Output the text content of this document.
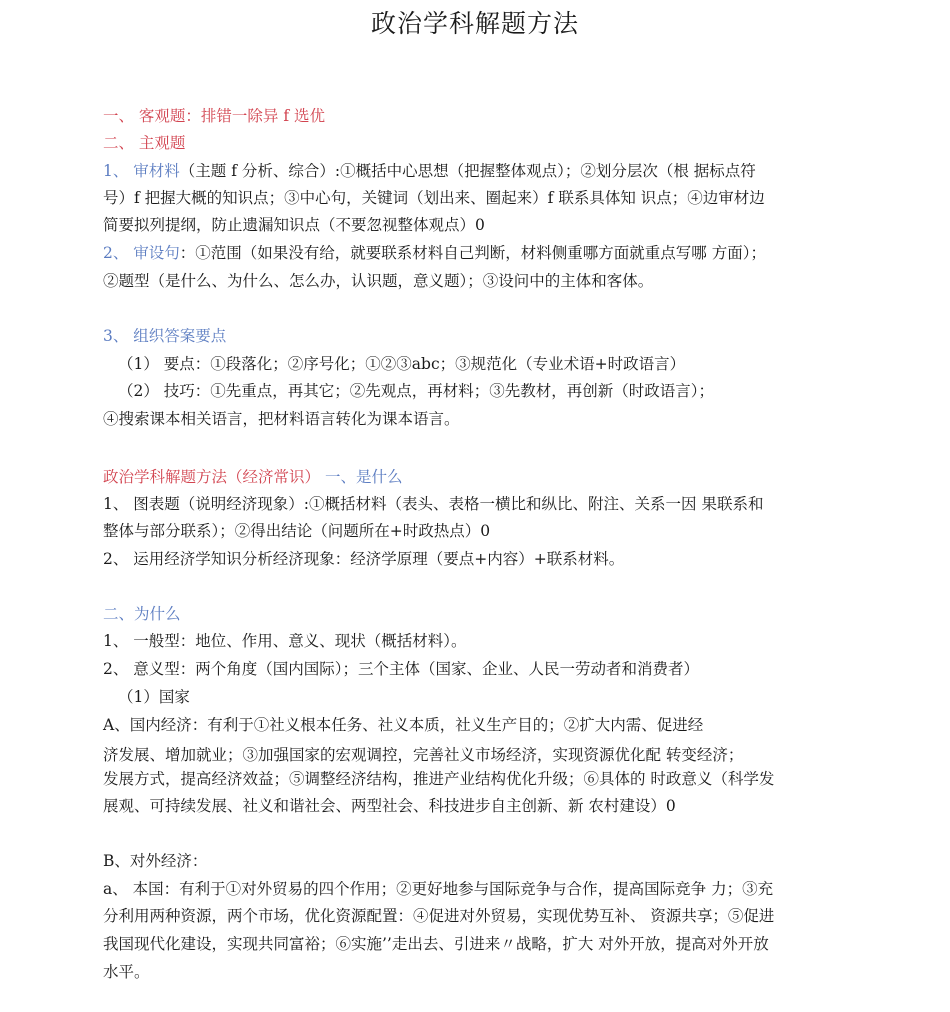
政治学科解题方法
一、 客观题：排错一除异 f 选优
二、 主观题
1、 审材料（主题 f 分析、综合）:①概括中心思想（把握整体观点）；②划分层次（根 据标点符
号）f 把握大概的知识点；③中心句，关键词（划出来、圈起来）f 联系具体知 识点；④边审材边
简要拟列提纲，防止遗漏知识点（不要忽视整体观点）0
2、 审设句：①范围（如果没有给，就要联系材料自己判断，材料侧重哪方面就重点写哪 方面）；
②题型（是什么、为什么、怎么办，认识题，意义题）；③设问中的主体和客体。
3、 组织答案要点
（1） 要点：①段落化；②序号化；①②③abc；③规范化（专业术语+时政语言）
（2） 技巧：①先重点，再其它；②先观点，再材料；③先教材，再创新（时政语言）；
④搜索课本相关语言，把材料语言转化为课本语言。
政治学科解题方法（经济常识） 一、是什么
1、 图表题（说明经济现象）:①概括材料（表头、表格一横比和纵比、附注、关系一因 果联系和
整体与部分联系）；②得出结论（问题所在+时政热点）0
2、 运用经济学知识分析经济现象：经济学原理（要点+内容）+联系材料。
二、为什么
1、 一般型：地位、作用、意义、现状（概括材料）。
2、 意义型：两个角度（国内国际）；三个主体（国家、企业、人民一劳动者和消费者）
（1）国家
A、国内经济：有利于①社义根本任务、社义本质，社义生产目的；②扩大内需、促进经
济发展、增加就业；③加强国家的宏观调控，完善社义市场经济，实现资源优化配 转变经济；
发展方式，提高经济效益；⑤调整经济结构，推进产业结构优化升级；⑥具体的 时政意义（科学发
展观、可持续发展、社义和谐社会、两型社会、科技进步自主创新、新 农村建设）0
B、对外经济：
a、 本国：有利于①对外贸易的四个作用；②更好地参与国际竞争与合作，提高国际竞争 力；③充
分利用两种资源，两个市场，优化资源配置：④促进对外贸易，实现优势互补、 资源共享；⑤促进
我国现代化建设，实现共同富裕；⑥实施’’走出去、引进来〃战略，扩大 对外开放，提高对外开放
水平。
